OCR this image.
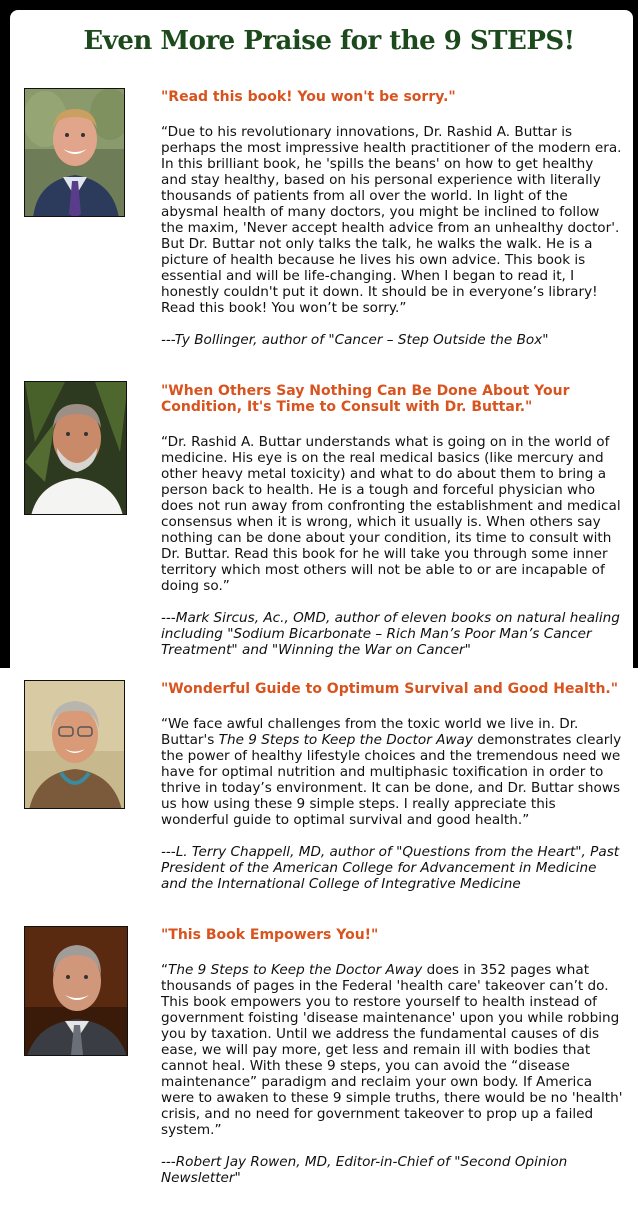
Even More Praise for the 9 STEPS!
"Read this book! You won't be sorry."

“Due to his revolutionary innovations, Dr. Rashid A. Buttar is perhaps the most impressive health practitioner of the modern era. In this brilliant book, he 'spills the beans' on how to get healthy and stay healthy, based on his personal experience with literally thousands of patients from all over the world. In light of the abysmal health of many doctors, you might be inclined to follow the maxim, 'Never accept health advice from an unhealthy doctor'. But Dr. Buttar not only talks the talk, he walks the walk. He is a picture of health because he lives his own advice. This book is essential and will be life-changing. When I began to read it, I honestly couldn't put it down. It should be in everyone’s library! Read this book! You won’t be sorry.”

---Ty Bollinger, author of "Cancer – Step Outside the Box"

"When Others Say Nothing Can Be Done About Your Condition, It's Time to Consult with Dr. Buttar."

“Dr. Rashid A. Buttar understands what is going on in the world of medicine. His eye is on the real medical basics (like mercury and other heavy metal toxicity) and what to do about them to bring a person back to health. He is a tough and forceful physician who does not run away from confronting the establishment and medical consensus when it is wrong, which it usually is. When others say nothing can be done about your condition, its time to consult with Dr. Buttar. Read this book for he will take you through some inner territory which most others will not be able to or are incapable of doing so.”

---Mark Sircus, Ac., OMD, author of eleven books on natural healing including "Sodium Bicarbonate – Rich Man’s Poor Man’s Cancer Treatment" and "Winning the War on Cancer"

"Wonderful Guide to Optimum Survival and Good Health."

“We face awful challenges from the toxic world we live in. Dr. Buttar's The 9 Steps to Keep the Doctor Away demonstrates clearly the power of healthy lifestyle choices and the tremendous need we have for optimal nutrition and multiphasic toxification in order to thrive in today’s environment. It can be done, and Dr. Buttar shows us how using these 9 simple steps. I really appreciate this wonderful guide to optimal survival and good health.”

---L. Terry Chappell, MD, author of "Questions from the Heart", Past President of the American College for Advancement in Medicine and the International College of Integrative Medicine

"This Book Empowers You!"

“The 9 Steps to Keep the Doctor Away does in 352 pages what thousands of pages in the Federal 'health care' takeover can’t do. This book empowers you to restore yourself to health instead of government foisting 'disease maintenance' upon you while robbing you by taxation. Until we address the fundamental causes of dis ease, we will pay more, get less and remain ill with bodies that cannot heal. With these 9 steps, you can avoid the “disease maintenance” paradigm and reclaim your own body. If America were to awaken to these 9 simple truths, there would be no 'health' crisis, and no need for government takeover to prop up a failed system.”

---Robert Jay Rowen, MD, Editor-in-Chief of "Second Opinion Newsletter"
